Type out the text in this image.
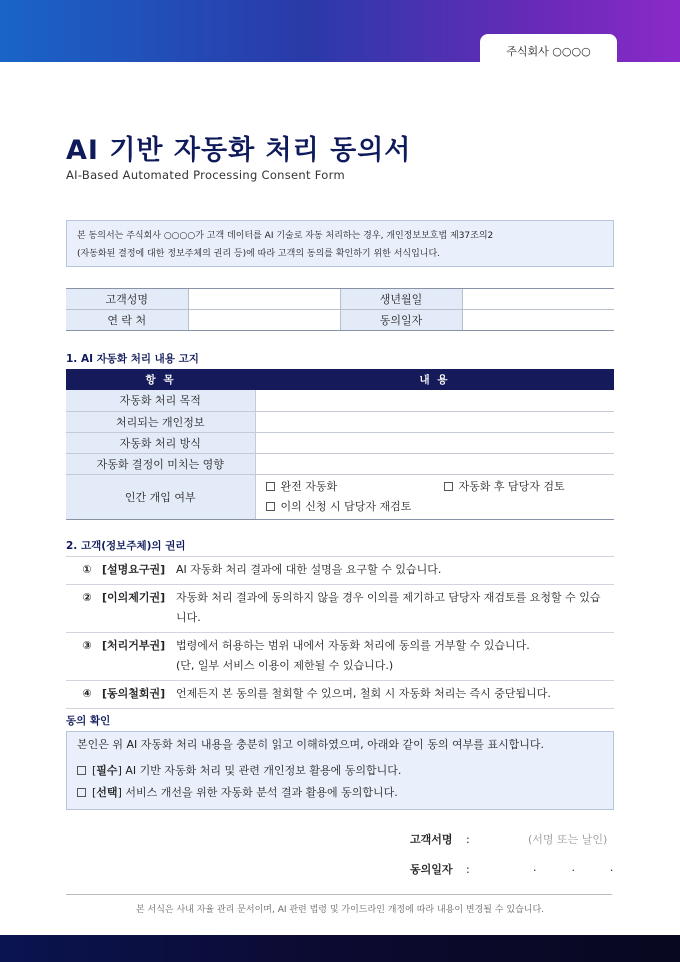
주식회사 ○○○○
AI 기반 자동화 처리 동의서
AI-Based Automated Processing Consent Form
본 동의서는 주식회사 ○○○○가 고객 데이터를 AI 기술로 자동 처리하는 경우, 개인정보보호법 제37조의2
(자동화된 결정에 대한 정보주체의 권리 등)에 따라 고객의 동의를 확인하기 위한 서식입니다.
고객성명		생년월일	
연 락 처		동의일자	
1. AI 자동화 처리 내용 고지
항 목	내 용
자동화 처리 목적	
처리되는 개인정보	
자동화 처리 방식	
자동화 결정이 미치는 영향	
인간 개입 여부	완전 자동화 자동화 후 담당자 검토
이의 신청 시 담당자 재검토
2. 고객(정보주체)의 권리
① [설명요구권] AI 자동화 처리 결과에 대한 설명을 요구할 수 있습니다.
② [이의제기권] 자동화 처리 결과에 동의하지 않을 경우 이의를 제기하고 담당자 재검토를 요청할 수 있습니다.
③ [처리거부권] 법령에서 허용하는 범위 내에서 자동화 처리에 동의를 거부할 수 있습니다.
(단, 일부 서비스 이용이 제한될 수 있습니다.)
④ [동의철회권] 언제든지 본 동의를 철회할 수 있으며, 철회 시 자동화 처리는 즉시 중단됩니다.
동의 확인
본인은 위 AI 자동화 처리 내용을 충분히 읽고 이해하였으며, 아래와 같이 동의 여부를 표시합니다.
[필수] AI 기반 자동화 처리 및 관련 개인정보 활용에 동의합니다.
[선택] 서비스 개선을 위한 자동화 분석 결과 활용에 동의합니다.
고객서명 :	(서명 또는 날인)
동의일자 :	.          .          .
본 서식은 사내 자율 관리 문서이며, AI 관련 법령 및 가이드라인 개정에 따라 내용이 변경될 수 있습니다.
